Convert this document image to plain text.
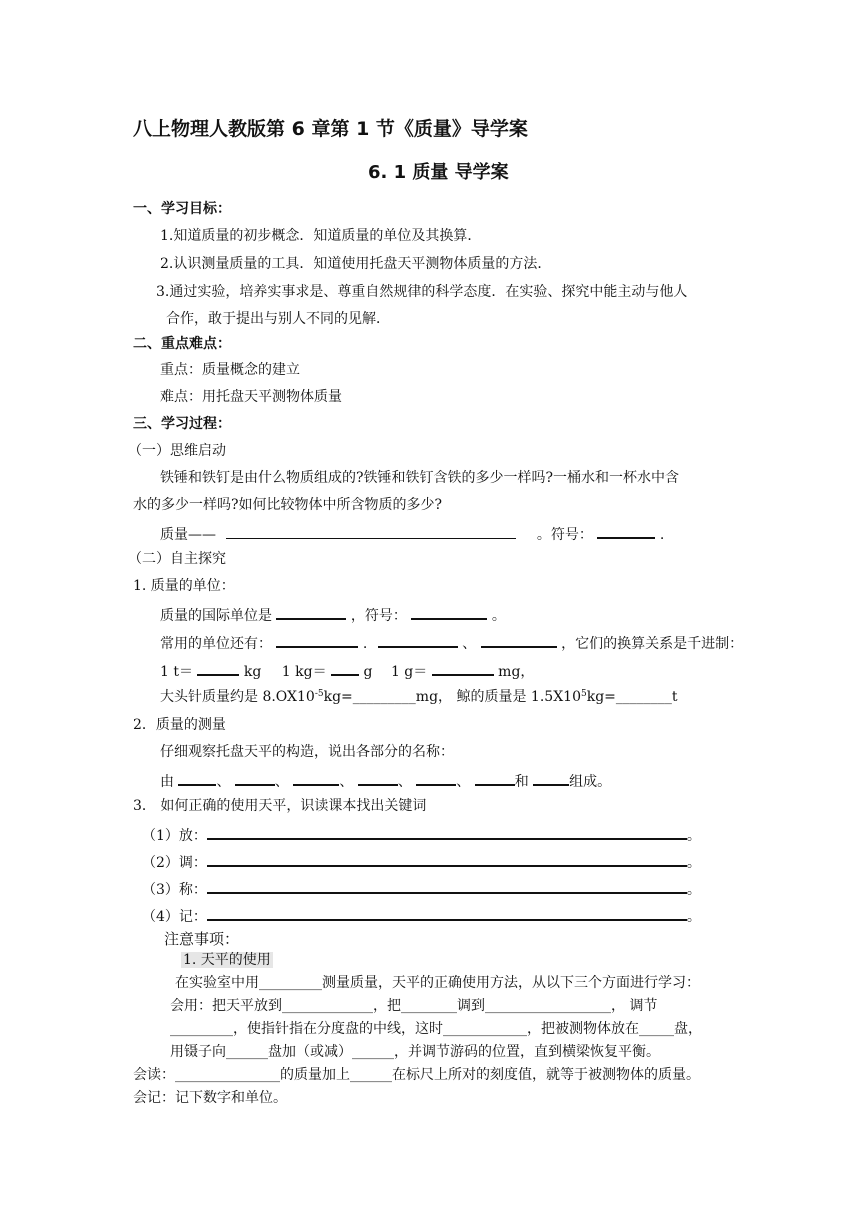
八上物理人教版第 6 章第 1 节《质量》导学案
6. 1 质量 导学案
一、学习目标：
1.知道质量的初步概念．知道质量的单位及其换算．
2.认识测量质量的工具．知道使用托盘天平测物体质量的方法．
3.通过实验，培养实事求是、尊重自然规律的科学态度．在实验、探究中能主动与他人
合作，敢于提出与别人不同的见解．
二、重点难点：
重点：质量概念的建立
难点：用托盘天平测物体质量
三、学习过程：
（一）思维启动
铁锤和铁钉是由什么物质组成的?铁锤和铁钉含铁的多少一样吗?一桶水和一杯水中含
水的多少一样吗?如何比较物体中所含物质的多少?
质量——	。符号：	.
（二）自主探究
1. 质量的单位：
质量的国际单位是	，符号：	。
常用的单位还有：	.	、	，它们的换算关系是千进制：
1 t＝	kg 1 kg＝  g 1 g＝	mg，
大头针质量约是 $8.OX10^{-5}kg=\_\_\_\_\_\_\_\_\_mg$， 鲸的质量是 $1.5X10^5kg=\_\_\_\_\_\_\_\_t$
2．质量的测量
仔细观察托盘天平的构造，说出各部分的名称：
由	、	、	、	、	、	和	组成。
3． 如何正确的使用天平，识读课本找出关键词
（1）放：	。
（2）调：	。
（3）称：	。
（4）记：	。
注意事项：
1. 天平的使用
在实验室中用_________测量质量，天平的正确使用方法，从以下三个方面进行学习：
会用：把天平放到_____________，把________调到__________________， 调节
_________，使指针指在分度盘的中线，这时____________，把被测物体放在_____盘，
用镊子向______盘加（或减）______，并调节游码的位置，直到横梁恢复平衡。
会读：_______________的质量加上______在标尺上所对的刻度值，就等于被测物体的质量。
会记：记下数字和单位。
